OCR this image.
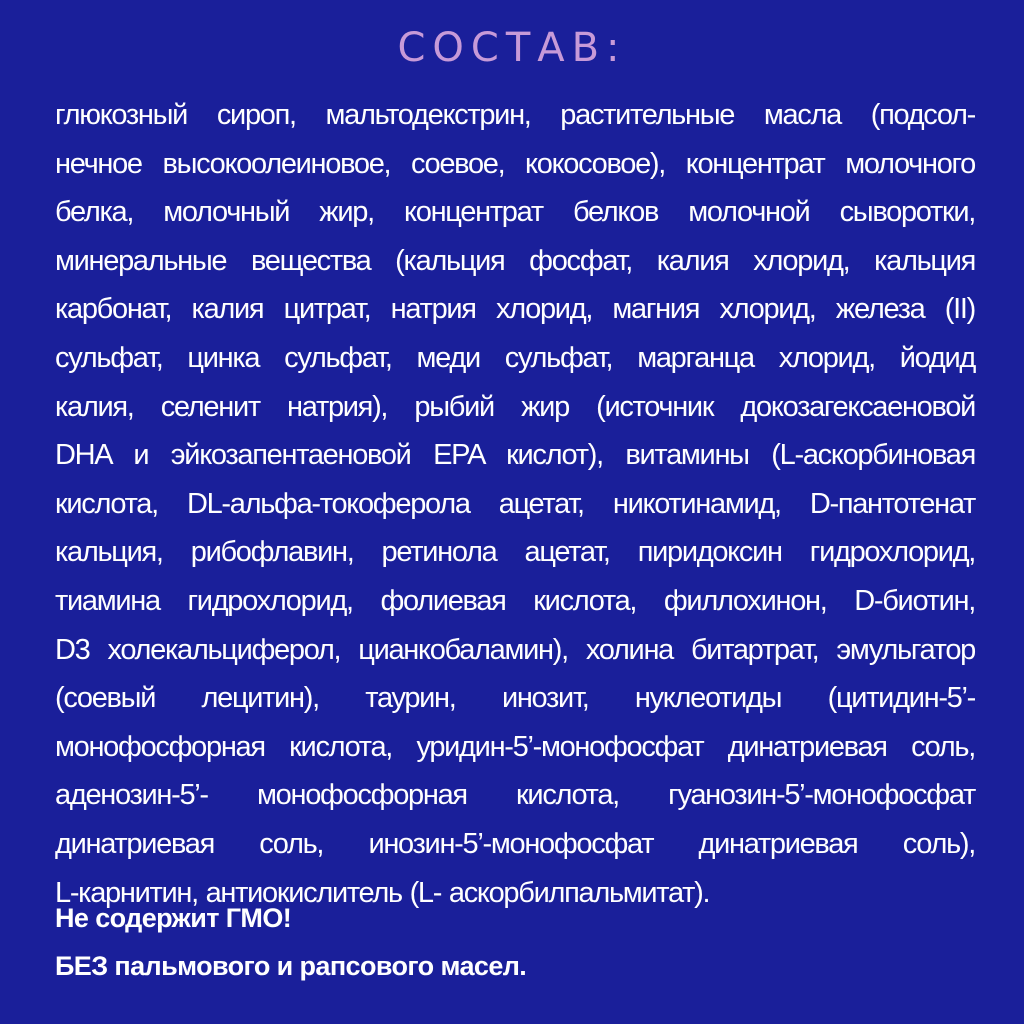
СОСТАВ:
глюкозный сироп, мальтодекстрин, растительные масла (подсол-
нечное высокоолеиновое, соевое, кокосовое), концентрат молочного
белка, молочный жир, концентрат белков молочной сыворотки,
минеральные вещества (кальция фосфат, калия хлорид, кальция
карбонат, калия цитрат, натрия хлорид, магния хлорид, железа (II)
сульфат, цинка сульфат, меди сульфат, марганца хлорид, йодид
калия, селенит натрия), рыбий жир (источник докозагексаеновой
DHA и эйкозапентаеновой EPA кислот), витамины (L-аскорбиновая
кислота, DL-альфа-токоферола ацетат, никотинамид, D-пантотенат
кальция, рибофлавин, ретинола ацетат, пиридоксин гидрохлорид,
тиамина гидрохлорид, фолиевая кислота, филлохинон, D-биотин,
D3 холекальциферол, цианкобаламин), холина битартрат, эмульгатор
(соевый лецитин), таурин, инозит, нуклеотиды (цитидин-5’-
монофосфорная кислота, уридин-5’-монофосфат динатриевая соль,
аденозин-5’- монофосфорная кислота, гуанозин-5’-монофосфат
динатриевая соль, инозин-5’-монофосфат динатриевая соль),
L-карнитин, антиокислитель (L- аскорбилпальмитат).
Не содержит ГМО!
БЕЗ пальмового и рапсового масел.
